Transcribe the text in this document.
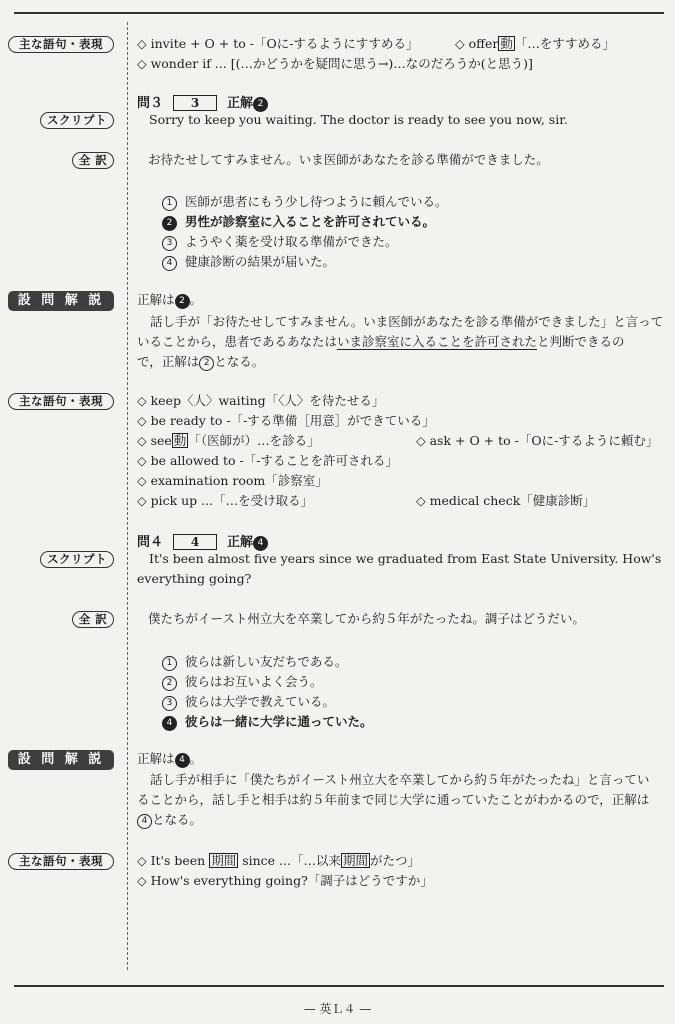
主な語句・表現	◇ invite + O + to -「Oに-するようにすすめる」	◇ offer 動 「…をすすめる」
◇ wonder if ... [(…かどうかを疑問に思う→)…なのだろうか(と思う)]
問３ 3 正解 2
スクリプト	Sorry to keep you waiting. The doctor is ready to see you now, sir.
全 訳	お待たせしてすみません。いま医師があなたを診る準備ができました。
1 医師が患者にもう少し待つように頼んでいる。
2 男性が診察室に入ることを許可されている。
3 ようやく薬を受け取る準備ができた。
4 健康診断の結果が届いた。
設 問 解 説	正解は 2 。
話し手が「お待たせしてすみません。いま医師があなたを診る準備ができました」と言って
いることから，患者であるあなたはいま診察室に入ることを許可されたと判断できるの
で，正解は 2 となる。
主な語句・表現	◇ keep〈人〉waiting「〈人〉を待たせる」
◇ be ready to -「-する準備［用意］ができている」
◇ see 動 「（医師が）…を診る」	◇ ask + O + to -「Oに-するように頼む」
◇ be allowed to -「-することを許可される」
◇ examination room「診察室」
◇ pick up ...「…を受け取る」	◇ medical check「健康診断」
問４ 4 正解 4
スクリプト	It's been almost five years since we graduated from East State University. How's
everything going?
全 訳	僕たちがイースト州立大を卒業してから約５年がたったね。調子はどうだい。
1 彼らは新しい友だちである。
2 彼らはお互いよく会う。
3 彼らは大学で教えている。
4 彼らは一緒に大学に通っていた。
設 問 解 説	正解は 4 。
話し手が相手に「僕たちがイースト州立大を卒業してから約５年がたったね」と言ってい
ることから，話し手と相手は約５年前まで同じ大学に通っていたことがわかるので，正解は
4 となる。
主な語句・表現	◇ It's been 期間 since ...「…以来 期間 がたつ」
◇ How's everything going?「調子はどうですか」
— 英Ｌ４ —
